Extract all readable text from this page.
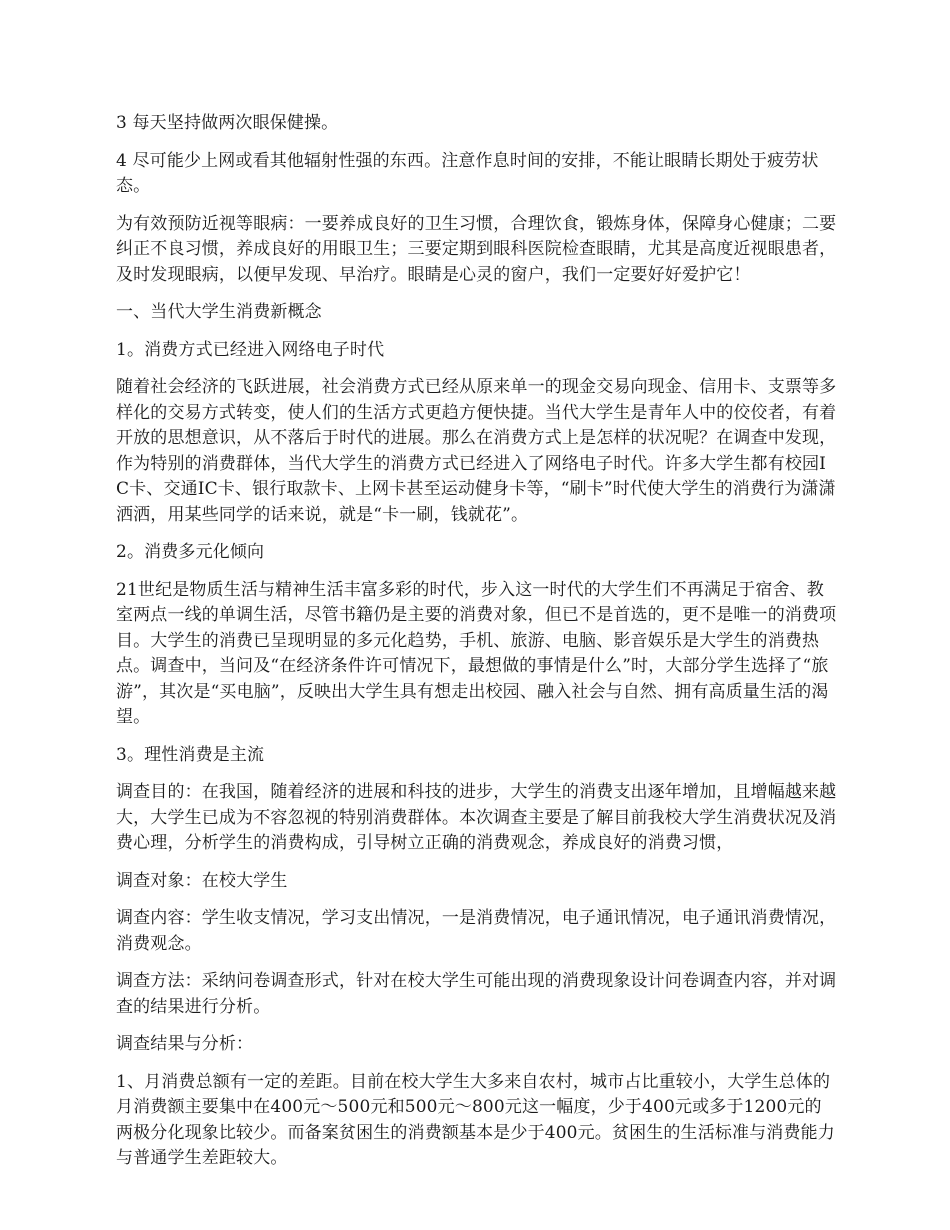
3 每天坚持做两次眼保健操。

4 尽可能少上网或看其他辐射性强的东西。注意作息时间的安排，不能让眼睛长期处于疲劳状态。

为有效预防近视等眼病：一要养成良好的卫生习惯，合理饮食，锻炼身体，保障身心健康；二要纠正不良习惯，养成良好的用眼卫生；三要定期到眼科医院检查眼睛，尤其是高度近视眼患者，及时发现眼病，以便早发现、早治疗。眼睛是心灵的窗户，我们一定要好好爱护它！

一、当代大学生消费新概念

1。消费方式已经进入网络电子时代

随着社会经济的飞跃进展，社会消费方式已经从原来单一的现金交易向现金、信用卡、支票等多样化的交易方式转变，使人们的生活方式更趋方便快捷。当代大学生是青年人中的佼佼者，有着开放的思想意识，从不落后于时代的进展。那么在消费方式上是怎样的状况呢？在调查中发现，作为特别的消费群体，当代大学生的消费方式已经进入了网络电子时代。许多大学生都有校园IC卡、交通IC卡、银行取款卡、上网卡甚至运动健身卡等，“刷卡”时代使大学生的消费行为潇潇洒洒，用某些同学的话来说，就是“卡一刷，钱就花”。

2。消费多元化倾向

21世纪是物质生活与精神生活丰富多彩的时代，步入这一时代的大学生们不再满足于宿舍、教室两点一线的单调生活，尽管书籍仍是主要的消费对象，但已不是首选的，更不是唯一的消费项目。大学生的消费已呈现明显的多元化趋势，手机、旅游、电脑、影音娱乐是大学生的消费热点。调查中，当问及“在经济条件许可情况下，最想做的事情是什么”时，大部分学生选择了“旅游”，其次是“买电脑”，反映出大学生具有想走出校园、融入社会与自然、拥有高质量生活的渴望。

3。理性消费是主流

调查目的：在我国，随着经济的进展和科技的进步，大学生的消费支出逐年增加，且增幅越来越大，大学生已成为不容忽视的特别消费群体。本次调查主要是了解目前我校大学生消费状况及消费心理，分析学生的消费构成，引导树立正确的消费观念，养成良好的消费习惯，

调查对象：在校大学生

调查内容：学生收支情况，学习支出情况，一是消费情况，电子通讯情况，电子通讯消费情况，消费观念。

调查方法：采纳问卷调查形式，针对在校大学生可能出现的消费现象设计问卷调查内容，并对调查的结果进行分析。

调查结果与分析：

1、月消费总额有一定的差距。目前在校大学生大多来自农村，城市占比重较小，大学生总体的月消费额主要集中在400元～500元和500元～800元这一幅度，少于400元或多于1200元的两极分化现象比较少。而备案贫困生的消费额基本是少于400元。贫困生的生活标准与消费能力与普通学生差距较大。
